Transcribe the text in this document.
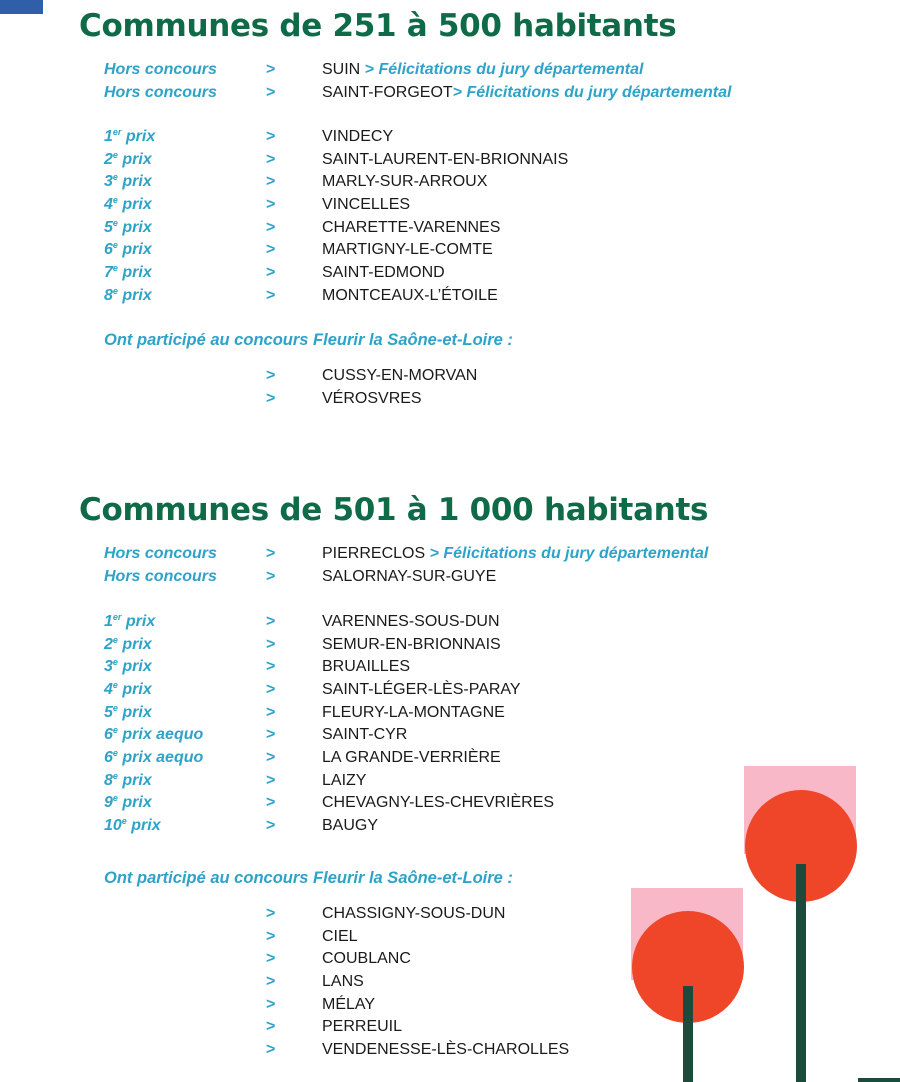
Communes de 251 à 500 habitants
Hors concours	>	SUIN > Félicitations du jury départemental
Hors concours	>	SAINT-FORGEOT> Félicitations du jury départemental
1er prix	>	VINDECY
2e prix	>	SAINT-LAURENT-EN-BRIONNAIS
3e prix	>	MARLY-SUR-ARROUX
4e prix	>	VINCELLES
5e prix	>	CHARETTE-VARENNES
6e prix	>	MARTIGNY-LE-COMTE
7e prix	>	SAINT-EDMOND
8e prix	>	MONTCEAUX-L’ÉTOILE

Ont participé au concours Fleurir la Saône-et-Loire :

>	CUSSY-EN-MORVAN
>	VÉROSVRES
Communes de 501 à 1 000 habitants
Hors concours	>	PIERRECLOS > Félicitations du jury départemental
Hors concours	>	SALORNAY-SUR-GUYE
1er prix	>	VARENNES-SOUS-DUN
2e prix	>	SEMUR-EN-BRIONNAIS
3e prix	>	BRUAILLES
4e prix	>	SAINT-LÉGER-LÈS-PARAY
5e prix	>	FLEURY-LA-MONTAGNE
6e prix aequo	>	SAINT-CYR
6e prix aequo	>	LA GRANDE-VERRIÈRE
8e prix	>	LAIZY
9e prix	>	CHEVAGNY-LES-CHEVRIÈRES
10e prix	>	BAUGY

Ont participé au concours Fleurir la Saône-et-Loire :

>	CHASSIGNY-SOUS-DUN
>	CIEL
>	COUBLANC
>	LANS
>	MÉLAY
>	PERREUIL
>	VENDENESSE-LÈS-CHAROLLES
